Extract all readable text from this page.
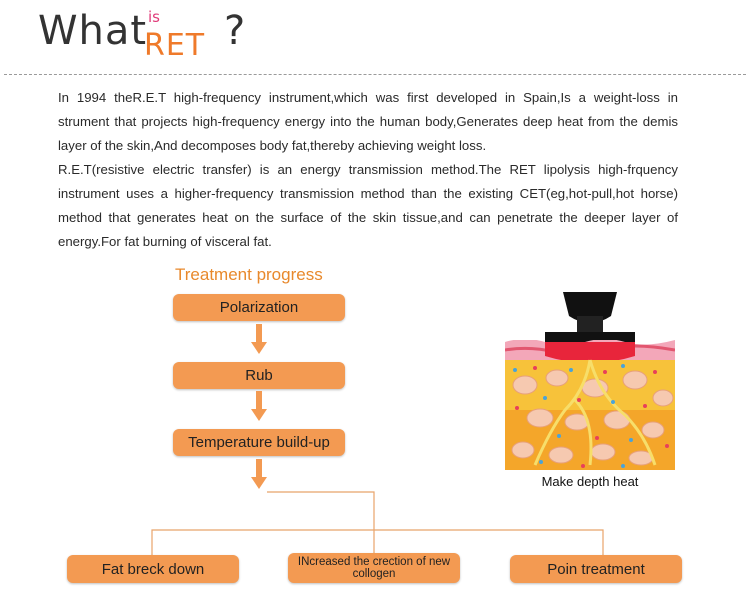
What is
RET ?

In 1994 theR.E.T high-frequency instrument,which was first developed in Spain,Is a weight-loss in strument that projects high-frequency energy into the human body,Generates deep heat from the demis layer of the skin,And decomposes body fat,thereby achieving weight loss.

R.E.T(resistive electric transfer) is an energy transmission method.The RET lipolysis high-frquency instrument uses a higher-frequency transmission method than the existing CET(eg,hot-pull,hot horse) method that generates heat on the surface of the skin tissue,and can penetrate the deeper layer of energy.For fat burning of visceral fat.

Treatment progress
Polarization
Rub
Temperature build-up
Fat breck down	INcreased the crection of new collogen	Poin treatment
Make depth heat
